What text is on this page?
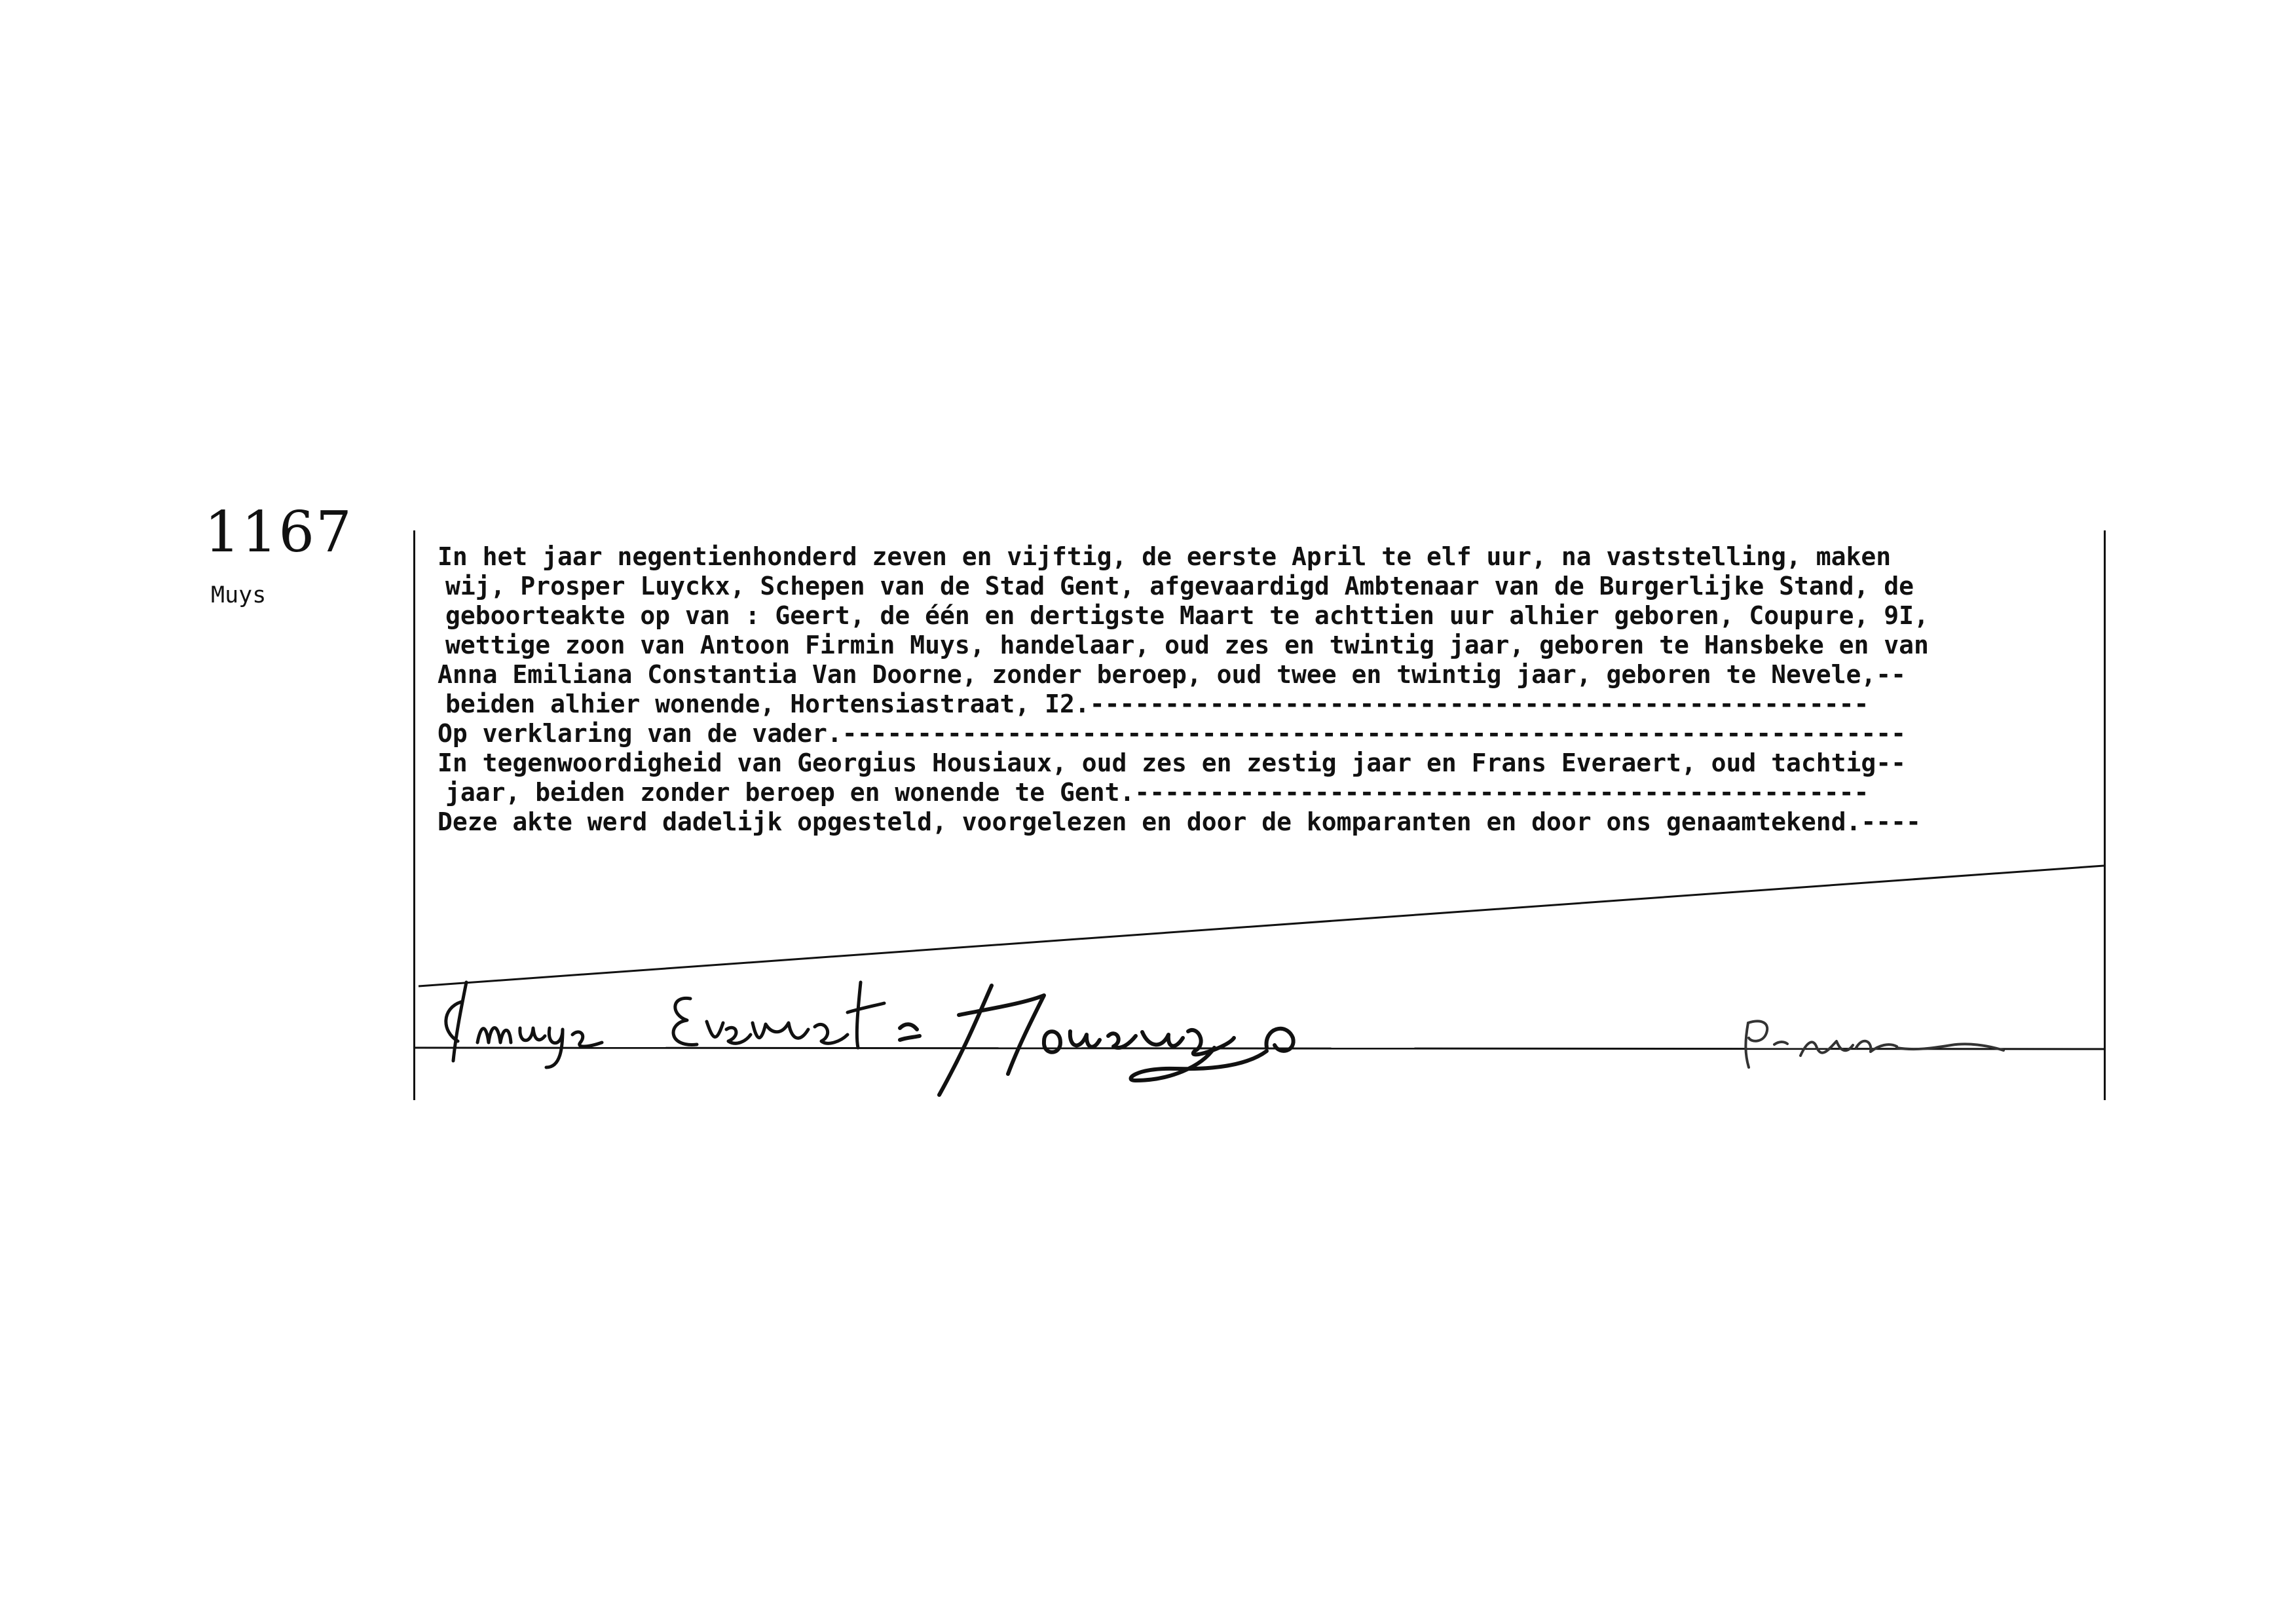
1167
Muys
In het jaar negentienhonderd zeven en vijftig, de eerste April te elf uur, na vaststelling, maken
wij, Prosper Luyckx, Schepen van de Stad Gent, afgevaardigd Ambtenaar van de Burgerlijke Stand, de
geboorteakte op van : Geert, de één en dertigste Maart te achttien uur alhier geboren, Coupure, 9I,
wettige zoon van Antoon Firmin Muys, handelaar, oud zes en twintig jaar, geboren te Hansbeke en van
Anna Emiliana Constantia Van Doorne, zonder beroep, oud twee en twintig jaar, geboren te Nevele,--
beiden alhier wonende, Hortensiastraat, I2.----------------------------------------------------
Op verklaring van de vader.-----------------------------------------------------------------------
In tegenwoordigheid van Georgius Housiaux, oud zes en zestig jaar en Frans Everaert, oud tachtig--
jaar, beiden zonder beroep en wonende te Gent.-------------------------------------------------
Deze akte werd dadelijk opgesteld, voorgelezen en door de komparanten en door ons genaamtekend.----
